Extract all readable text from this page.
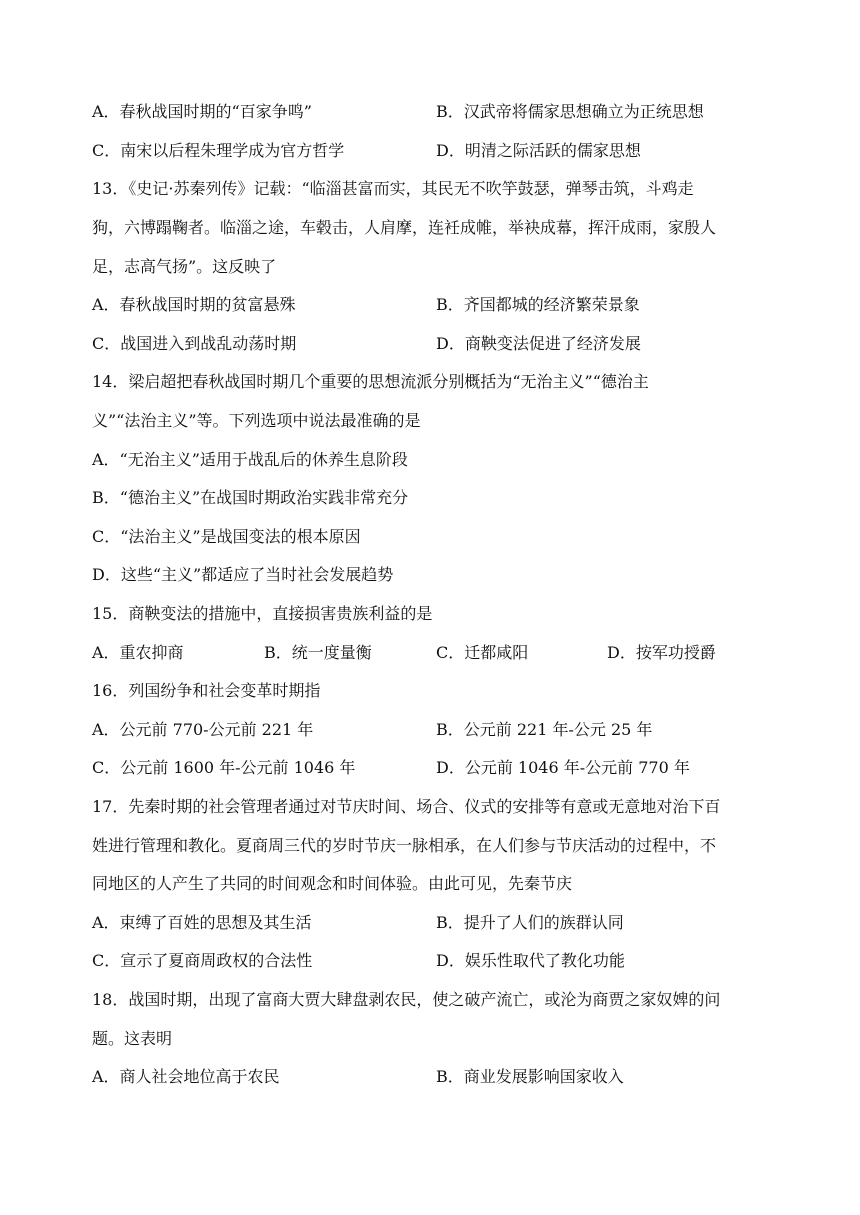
A．春秋战国时期的“百家争鸣”	B．汉武帝将儒家思想确立为正统思想
C．南宋以后程朱理学成为官方哲学	D．明清之际活跃的儒家思想
13．《史记·苏秦列传》记载：“临淄甚富而实，其民无不吹竽鼓瑟，弹琴击筑，斗鸡走
狗，六博蹋鞠者。临淄之途，车毂击，人肩摩，连衽成帷，举袂成幕，挥汗成雨，家殷人
足，志高气扬”。这反映了
A．春秋战国时期的贫富悬殊	B．齐国都城的经济繁荣景象
C．战国进入到战乱动荡时期	D．商鞅变法促进了经济发展
14．梁启超把春秋战国时期几个重要的思想流派分别概括为“无治主义”“德治主
义”“法治主义”等。下列选项中说法最准确的是
A．“无治主义”适用于战乱后的休养生息阶段
B．“德治主义”在战国时期政治实践非常充分
C．“法治主义”是战国变法的根本原因
D．这些“主义”都适应了当时社会发展趋势
15．商鞅变法的措施中，直接损害贵族利益的是
A．重农抑商	B．统一度量衡	C．迁都咸阳	D．按军功授爵
16．列国纷争和社会变革时期指
A．公元前 770-公元前 221 年	B．公元前 221 年-公元 25 年
C．公元前 1600 年-公元前 1046 年	D．公元前 1046 年-公元前 770 年
17．先秦时期的社会管理者通过对节庆时间、场合、仪式的安排等有意或无意地对治下百
姓进行管理和教化。夏商周三代的岁时节庆一脉相承，在人们参与节庆活动的过程中，不
同地区的人产生了共同的时间观念和时间体验。由此可见，先秦节庆
A．束缚了百姓的思想及其生活	B．提升了人们的族群认同
C．宣示了夏商周政权的合法性	D．娱乐性取代了教化功能
18．战国时期，出现了富商大贾大肆盘剥农民，使之破产流亡，或沦为商贾之家奴婢的问
题。这表明
A．商人社会地位高于农民	B．商业发展影响国家收入
